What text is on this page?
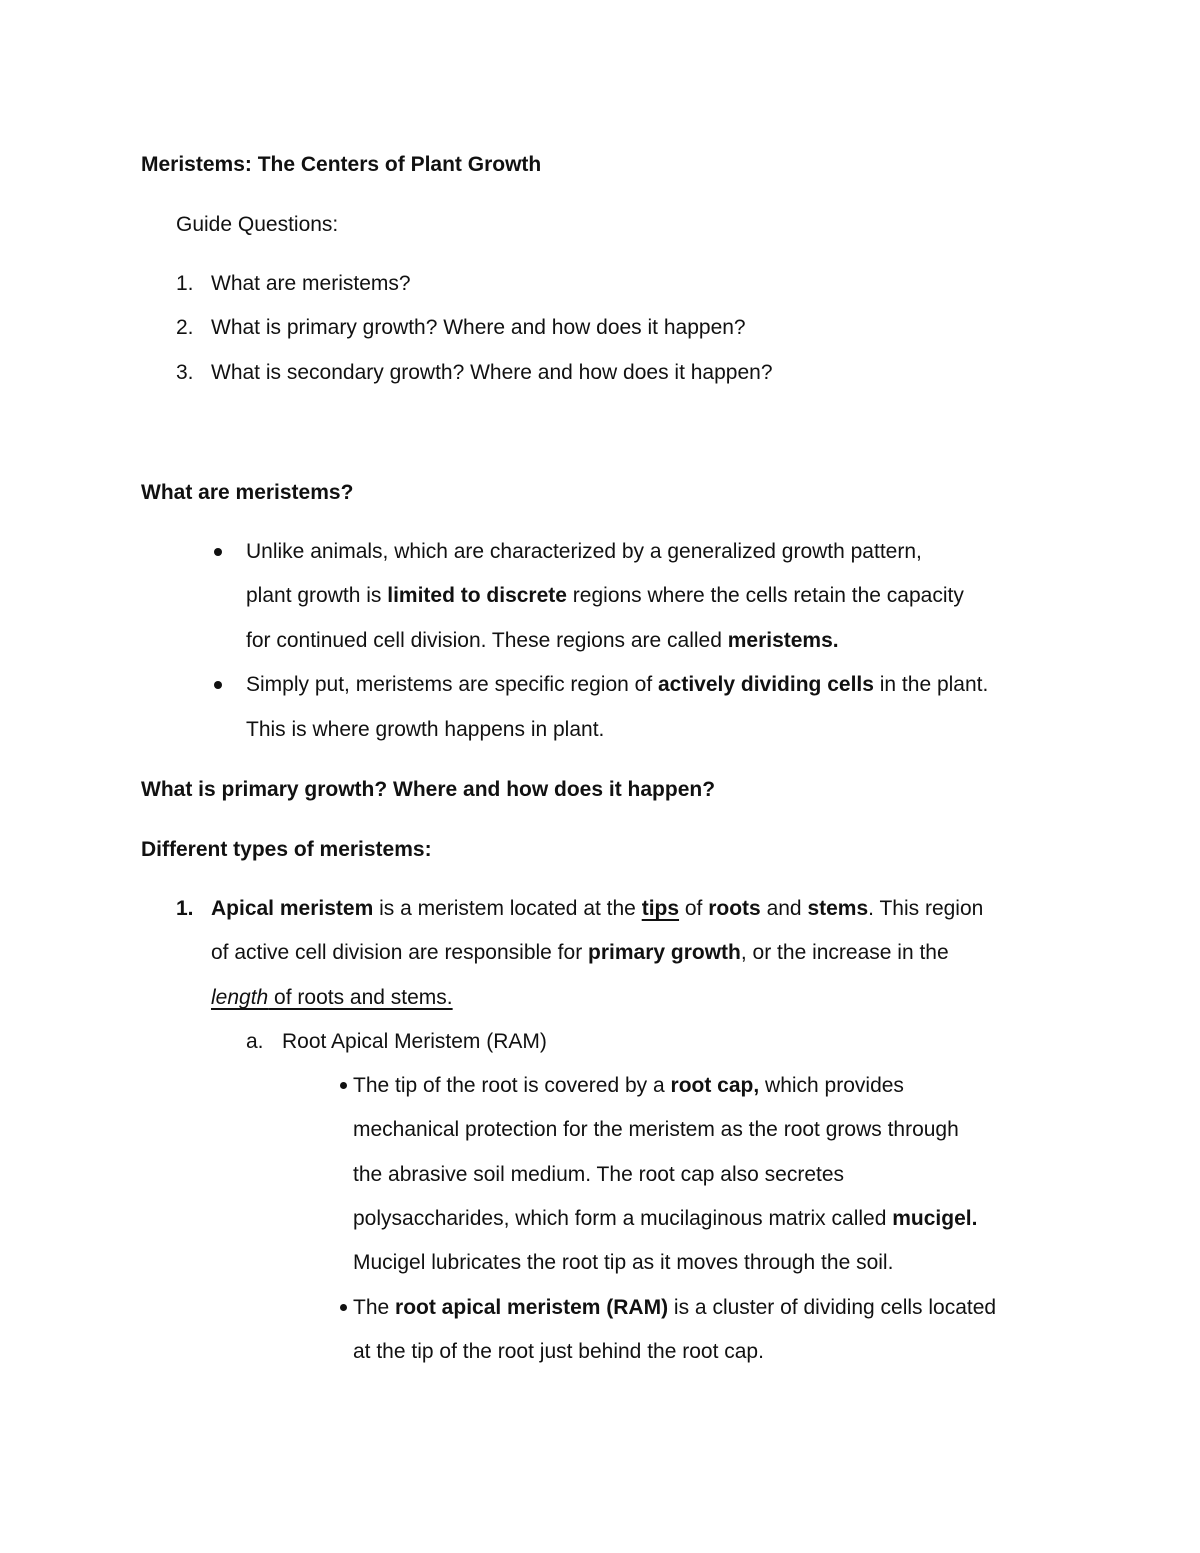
Meristems: The Centers of Plant Growth
Guide Questions:
1. What are meristems?
2. What is primary growth? Where and how does it happen?
3. What is secondary growth? Where and how does it happen?
What are meristems?
Unlike animals, which are characterized by a generalized growth pattern,
plant growth is limited to discrete regions where the cells retain the capacity
for continued cell division. These regions are called meristems.
Simply put, meristems are specific region of actively dividing cells in the plant.
This is where growth happens in plant.
What is primary growth? Where and how does it happen?
Different types of meristems:
1. Apical meristem is a meristem located at the tips of roots and stems. This region
of active cell division are responsible for primary growth, or the increase in the
length of roots and stems.
a. Root Apical Meristem (RAM)
The tip of the root is covered by a root cap, which provides
mechanical protection for the meristem as the root grows through
the abrasive soil medium. The root cap also secretes
polysaccharides, which form a mucilaginous matrix called mucigel.
Mucigel lubricates the root tip as it moves through the soil.
The root apical meristem (RAM) is a cluster of dividing cells located
at the tip of the root just behind the root cap.
